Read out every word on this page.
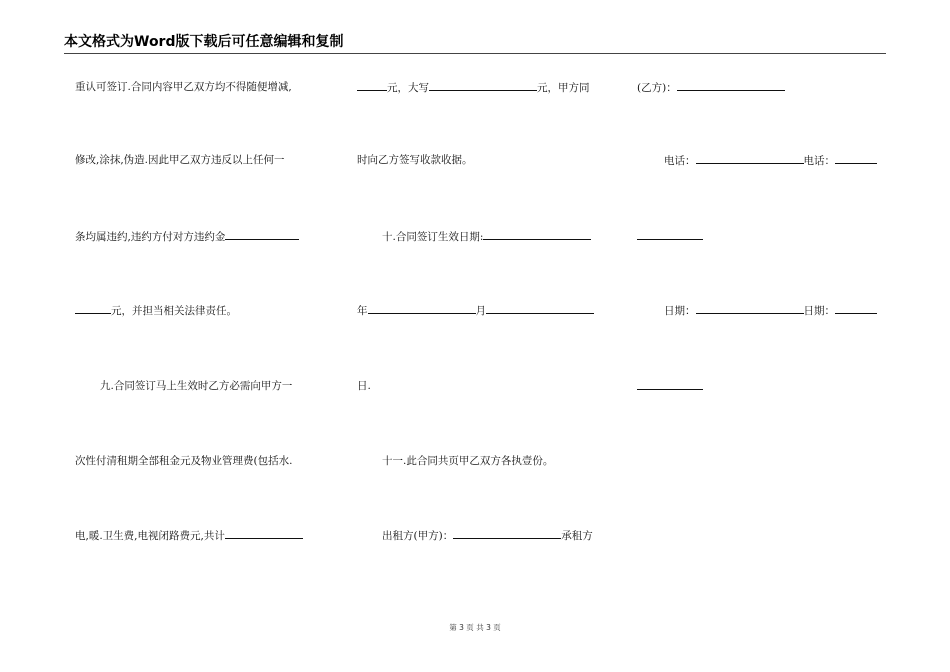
本文格式为Word版下载后可任意编辑和复制
重认可签订.合同内容甲乙双方均不得随便增减,
修改,涂抹,伪造.因此甲乙双方违反以上任何一
条均属违约,违约方付对方违约金
元，并担当相关法律责任。
九.合同签订马上生效时乙方必需向甲方一
次性付清租期全部租金元及物业管理费(包括水.
电,暖.卫生费,电视闭路费元,共计
元，大写	元，甲方同
时向乙方签写收款收据。
十.合同签订生效日期:
年	月
日.
十一.此合同共页甲乙双方各执壹份。
出租方(甲方)：	承租方
(乙方)：
电话：	电话：
日期：	日期：
第 3 页 共 3 页
